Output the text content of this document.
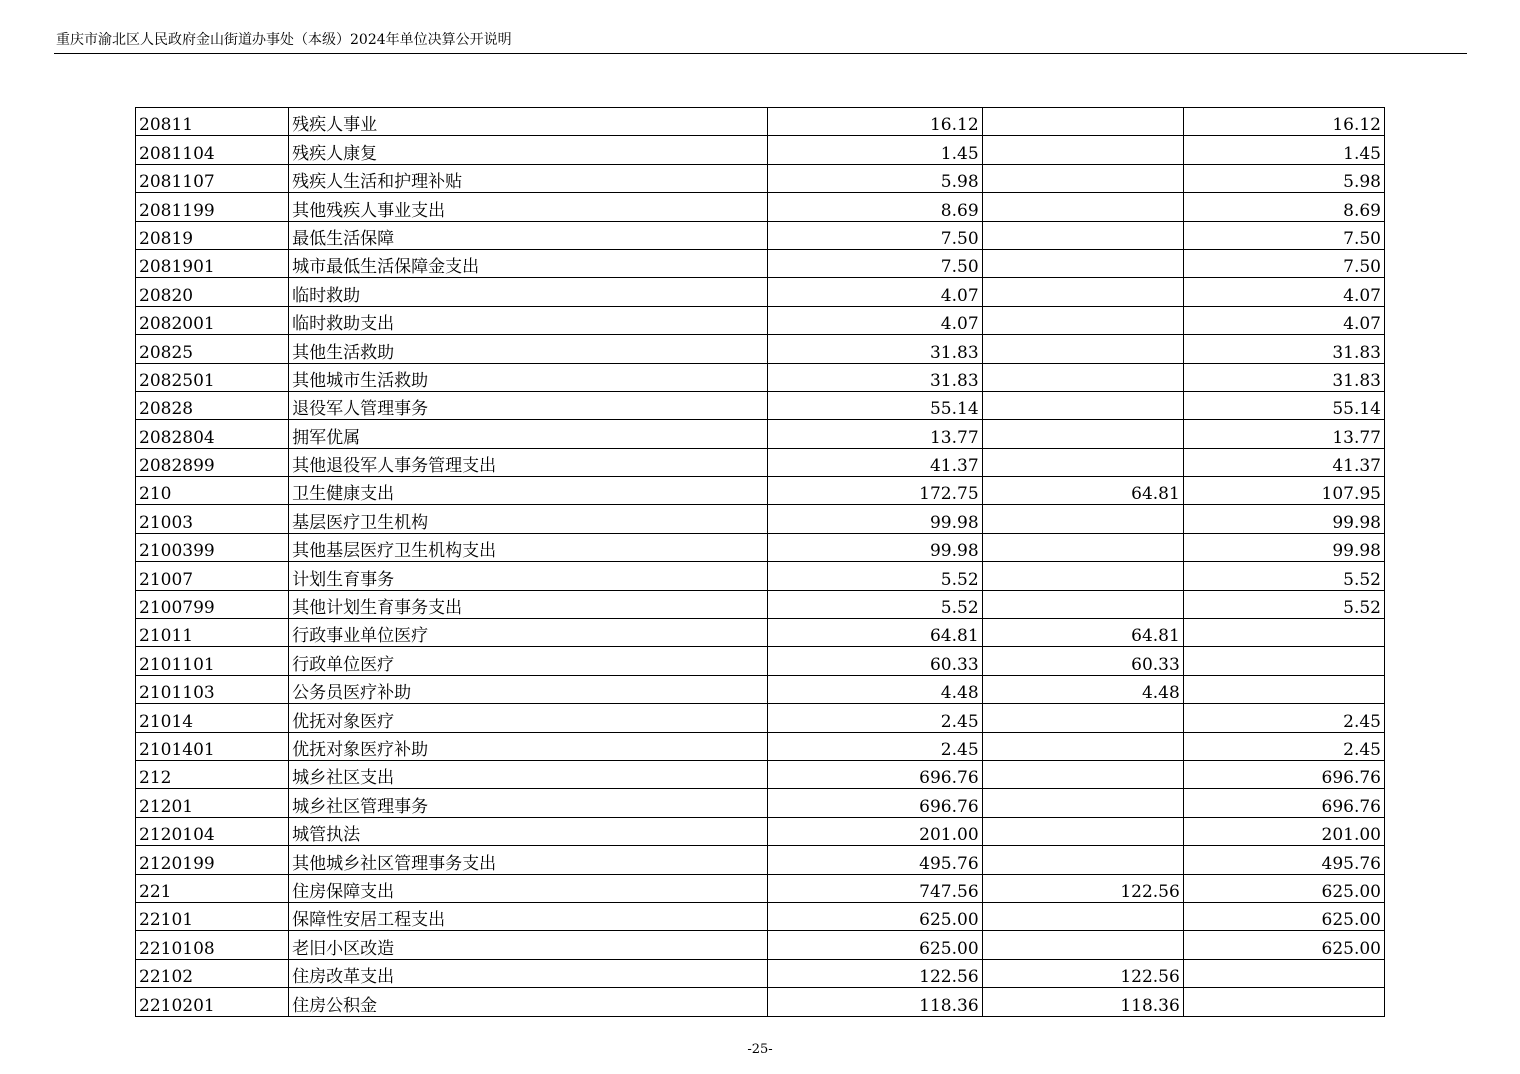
重庆市渝北区人民政府金山街道办事处（本级）2024年单位决算公开说明
20811	残疾人事业	16.12		16.12
2081104	残疾人康复	1.45		1.45
2081107	残疾人生活和护理补贴	5.98		5.98
2081199	其他残疾人事业支出	8.69		8.69
20819	最低生活保障	7.50		7.50
2081901	城市最低生活保障金支出	7.50		7.50
20820	临时救助	4.07		4.07
2082001	临时救助支出	4.07		4.07
20825	其他生活救助	31.83		31.83
2082501	其他城市生活救助	31.83		31.83
20828	退役军人管理事务	55.14		55.14
2082804	拥军优属	13.77		13.77
2082899	其他退役军人事务管理支出	41.37		41.37
210	卫生健康支出	172.75	64.81	107.95
21003	基层医疗卫生机构	99.98		99.98
2100399	其他基层医疗卫生机构支出	99.98		99.98
21007	计划生育事务	5.52		5.52
2100799	其他计划生育事务支出	5.52		5.52
21011	行政事业单位医疗	64.81	64.81	
2101101	行政单位医疗	60.33	60.33	
2101103	公务员医疗补助	4.48	4.48	
21014	优抚对象医疗	2.45		2.45
2101401	优抚对象医疗补助	2.45		2.45
212	城乡社区支出	696.76		696.76
21201	城乡社区管理事务	696.76		696.76
2120104	城管执法	201.00		201.00
2120199	其他城乡社区管理事务支出	495.76		495.76
221	住房保障支出	747.56	122.56	625.00
22101	保障性安居工程支出	625.00		625.00
2210108	老旧小区改造	625.00		625.00
22102	住房改革支出	122.56	122.56	
2210201	住房公积金	118.36	118.36	
-25-
